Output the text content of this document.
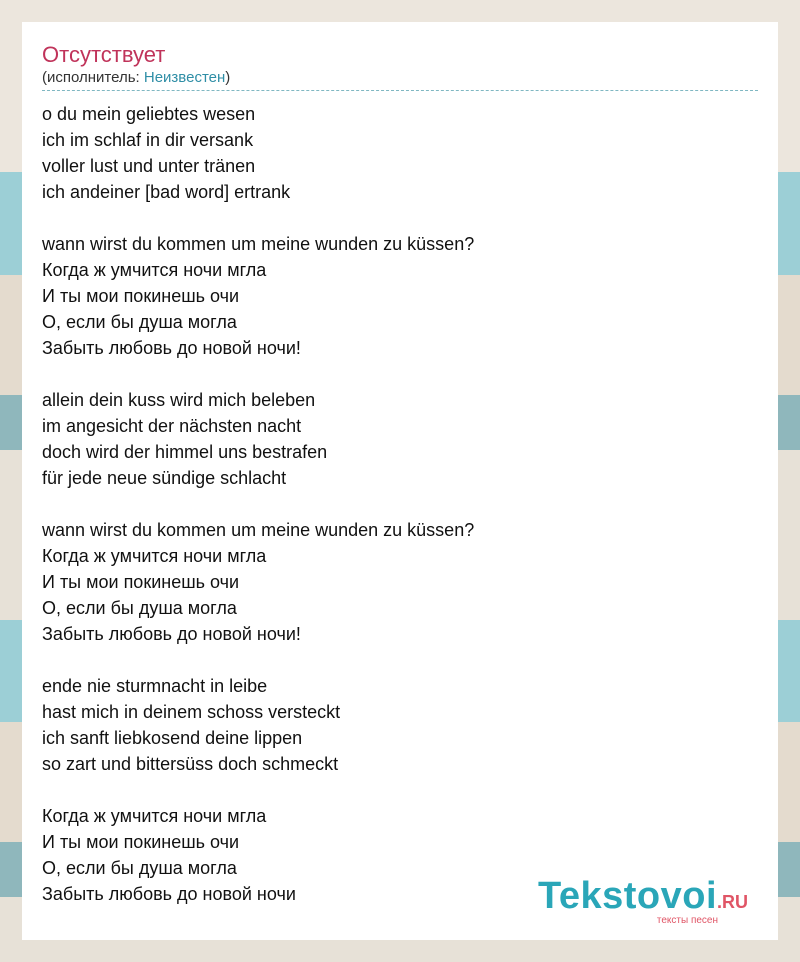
Отсутствует
(исполнитель: Неизвестен)
o du mein geliebtes wesen
ich im schlaf in dir versank
voller lust und unter tränen
ich andeiner [bad word] ertrank
wann wirst du kommen um meine wunden zu küssen?
Когда ж умчится ночи мгла
И ты мои покинешь очи
О, если бы душа могла
Забыть любовь до новой ночи!
allein dein kuss wird mich beleben
im angesicht der nächsten nacht
doch wird der himmel uns bestrafen
für jede neue sündige schlacht
wann wirst du kommen um meine wunden zu küssen?
Когда ж умчится ночи мгла
И ты мои покинешь очи
О, если бы душа могла
Забыть любовь до новой ночи!
ende nie sturmnacht in leibe
hast mich in deinem schoss versteckt
ich sanft liebkosend deine lippen
so zart und bittersüss doch schmeckt
Когда ж умчится ночи мгла
И ты мои покинешь очи
О, если бы душа могла
Забыть любовь до новой ночи	Tekstovoi.RU
тексты песен
